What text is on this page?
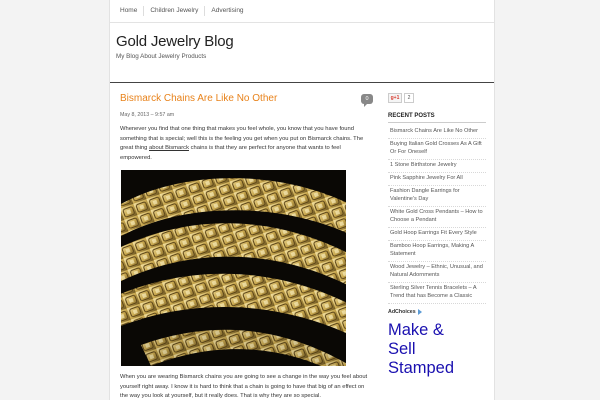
Home	Children Jewelry	Advertising
Gold Jewelry Blog
My Blog About Jewelry Products
Bismarck Chains Are Like No Other	0
May 8, 2013 – 9:57 am

Whenever you find that one thing that makes you feel whole, you know that you have found something that is special; well this is the feeling you get when you put on Bismarck chains. The great thing about Bismarck chains is that they are perfect for anyone that wants to feel empowered.

When you are wearing Bismarck chains you are going to see a change in the way you feel about yourself right away. I know it is hard to think that a chain is going to have that big of an effect on the way you look at yourself, but it really does. That is why they are so special.

g+1	2
RECENT POSTS
Bismarck Chains Are Like No Other
Buying Italian Gold Crosses As A Gift Or For Oneself
1 Stone Birthstone Jewelry
Pink Sapphire Jewelry For All
Fashion Dangle Earrings for Valentine's Day
White Gold Cross Pendants – How to Choose a Pendant
Gold Hoop Earrings Fit Every Style
Bamboo Hoop Earrings, Making A Statement
Wood Jewelry – Ethnic, Unusual, and Natural Adornments
Sterling Silver Tennis Bracelets – A Trend that has Become a Classic
AdChoices
Make &
Sell
Stamped
